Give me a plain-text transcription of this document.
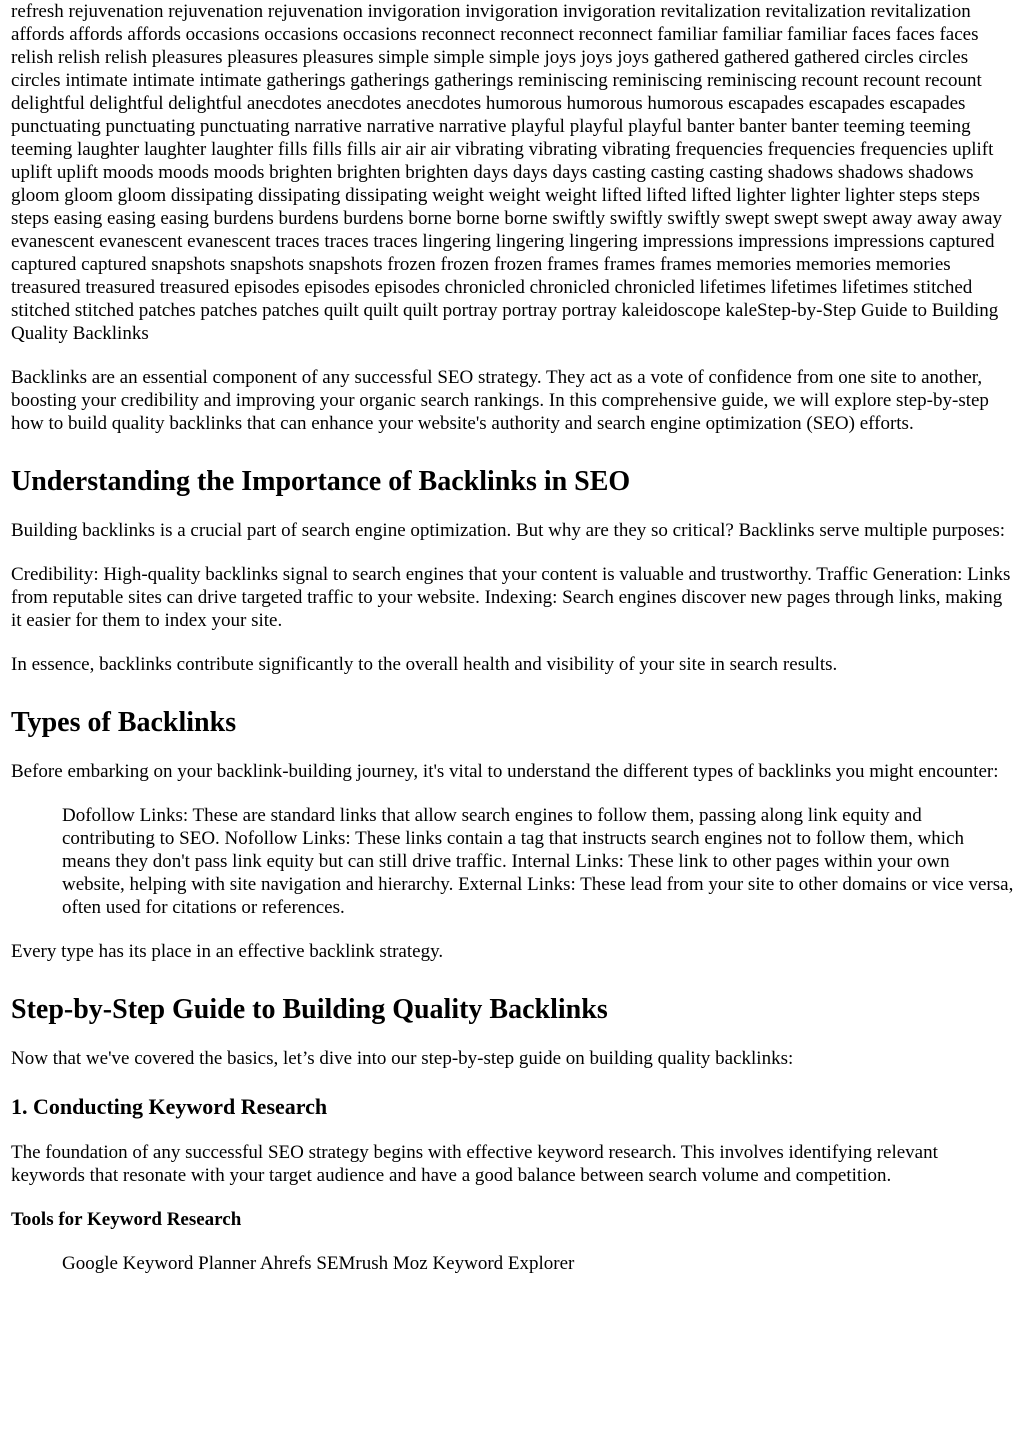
refresh rejuvenation rejuvenation rejuvenation invigoration invigoration invigoration revitalization revitalization revitalization affords affords affords occasions occasions occasions reconnect reconnect reconnect familiar familiar familiar faces faces faces relish relish relish pleasures pleasures pleasures simple simple simple joys joys joys gathered gathered gathered circles circles circles intimate intimate intimate gatherings gatherings gatherings reminiscing reminiscing reminiscing recount recount recount delightful delightful delightful anecdotes anecdotes anecdotes humorous humorous humorous escapades escapades escapades punctuating punctuating punctuating narrative narrative narrative playful playful playful banter banter banter teeming teeming teeming laughter laughter laughter fills fills fills air air air vibrating vibrating vibrating frequencies frequencies frequencies uplift uplift uplift moods moods moods brighten brighten brighten days days days casting casting casting shadows shadows shadows gloom gloom gloom dissipating dissipating dissipating weight weight weight lifted lifted lifted lighter lighter lighter steps steps steps easing easing easing burdens burdens burdens borne borne borne swiftly swiftly swiftly swept swept swept away away away evanescent evanescent evanescent traces traces traces lingering lingering lingering impressions impressions impressions captured captured captured snapshots snapshots snapshots frozen frozen frozen frames frames frames memories memories memories treasured treasured treasured episodes episodes episodes chronicled chronicled chronicled lifetimes lifetimes lifetimes stitched stitched stitched patches patches patches quilt quilt quilt portray portray portray kaleidoscope kaleStep-by-Step Guide to Building Quality Backlinks

Backlinks are an essential component of any successful SEO strategy. They act as a vote of confidence from one site to another, boosting your credibility and improving your organic search rankings. In this comprehensive guide, we will explore step-by-step how to build quality backlinks that can enhance your website's authority and search engine optimization (SEO) efforts.

Understanding the Importance of Backlinks in SEO

Building backlinks is a crucial part of search engine optimization. But why are they so critical? Backlinks serve multiple purposes:

Credibility: High-quality backlinks signal to search engines that your content is valuable and trustworthy. Traffic Generation: Links from reputable sites can drive targeted traffic to your website. Indexing: Search engines discover new pages through links, making it easier for them to index your site.

In essence, backlinks contribute significantly to the overall health and visibility of your site in search results.

Types of Backlinks

Before embarking on your backlink-building journey, it's vital to understand the different types of backlinks you might encounter:

Dofollow Links: These are standard links that allow search engines to follow them, passing along link equity and contributing to SEO. Nofollow Links: These links contain a tag that instructs search engines not to follow them, which means they don't pass link equity but can still drive traffic. Internal Links: These link to other pages within your own website, helping with site navigation and hierarchy. External Links: These lead from your site to other domains or vice versa, often used for citations or references.

Every type has its place in an effective backlink strategy.

Step-by-Step Guide to Building Quality Backlinks

Now that we've covered the basics, let’s dive into our step-by-step guide on building quality backlinks:

1. Conducting Keyword Research

The foundation of any successful SEO strategy begins with effective keyword research. This involves identifying relevant keywords that resonate with your target audience and have a good balance between search volume and competition.

Tools for Keyword Research
Google Keyword Planner Ahrefs SEMrush Moz Keyword Explorer
